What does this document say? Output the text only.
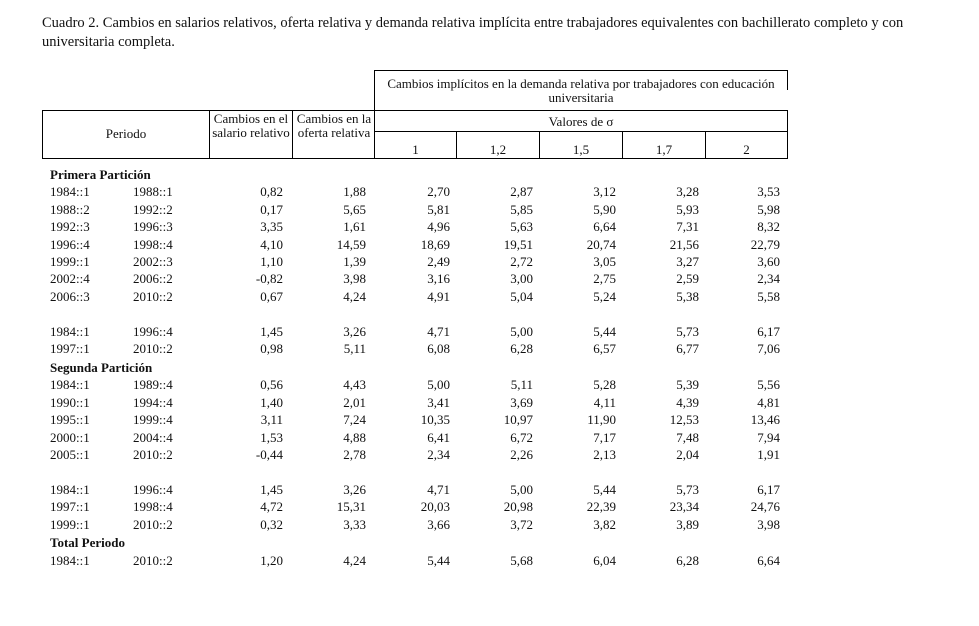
Cuadro 2. Cambios en salarios relativos, oferta relativa y demanda relativa implícita entre trabajadores equivalentes con bachillerato completo y con universitaria completa.
Cambios implícitos en la demanda relativa por trabajadores con educación universitaria
Periodo
Cambios en el salario relativo
Cambios en la oferta relativa
Valores de σ
1	1,2	1,5	1,7	2
Primera Partición
1984::1	1988::1	0,82	1,88	2,70	2,87	3,12	3,28	3,53
1988::2	1992::2	0,17	5,65	5,81	5,85	5,90	5,93	5,98
1992::3	1996::3	3,35	1,61	4,96	5,63	6,64	7,31	8,32
1996::4	1998::4	4,10	14,59	18,69	19,51	20,74	21,56	22,79
1999::1	2002::3	1,10	1,39	2,49	2,72	3,05	3,27	3,60
2002::4	2006::2	-0,82	3,98	3,16	3,00	2,75	2,59	2,34
2006::3	2010::2	0,67	4,24	4,91	5,04	5,24	5,38	5,58
1984::1	1996::4	1,45	3,26	4,71	5,00	5,44	5,73	6,17
1997::1	2010::2	0,98	5,11	6,08	6,28	6,57	6,77	7,06
Segunda Partición
1984::1	1989::4	0,56	4,43	5,00	5,11	5,28	5,39	5,56
1990::1	1994::4	1,40	2,01	3,41	3,69	4,11	4,39	4,81
1995::1	1999::4	3,11	7,24	10,35	10,97	11,90	12,53	13,46
2000::1	2004::4	1,53	4,88	6,41	6,72	7,17	7,48	7,94
2005::1	2010::2	-0,44	2,78	2,34	2,26	2,13	2,04	1,91
1984::1	1996::4	1,45	3,26	4,71	5,00	5,44	5,73	6,17
1997::1	1998::4	4,72	15,31	20,03	20,98	22,39	23,34	24,76
1999::1	2010::2	0,32	3,33	3,66	3,72	3,82	3,89	3,98
Total Periodo
1984::1	2010::2	1,20	4,24	5,44	5,68	6,04	6,28	6,64
